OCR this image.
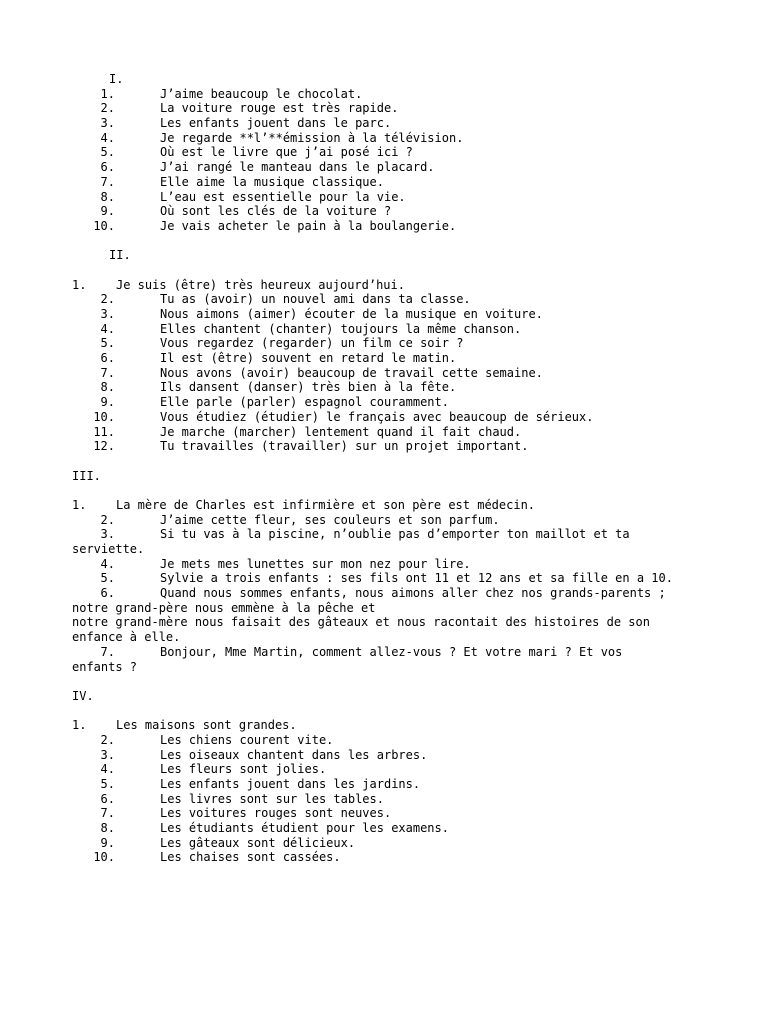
I.
1.	J’aime beaucoup le chocolat.
2.	La voiture rouge est très rapide.
3.	Les enfants jouent dans le parc.
4.	Je regarde **l’**émission à la télévision.
5.	Où est le livre que j’ai posé ici ?
6.	J’ai rangé le manteau dans le placard.
7.	Elle aime la musique classique.
8.	L’eau est essentielle pour la vie.
9.	Où sont les clés de la voiture ?
10.	Je vais acheter le pain à la boulangerie.
II.
1. Je suis (être) très heureux aujourd’hui.
2.	Tu as (avoir) un nouvel ami dans ta classe.
3.	Nous aimons (aimer) écouter de la musique en voiture.
4.	Elles chantent (chanter) toujours la même chanson.
5.	Vous regardez (regarder) un film ce soir ?
6.	Il est (être) souvent en retard le matin.
7.	Nous avons (avoir) beaucoup de travail cette semaine.
8.	Ils dansent (danser) très bien à la fête.
9.	Elle parle (parler) espagnol couramment.
10.	Vous étudiez (étudier) le français avec beaucoup de sérieux.
11.	Je marche (marcher) lentement quand il fait chaud.
12.	Tu travailles (travailler) sur un projet important.
III.
1. La mère de Charles est infirmière et son père est médecin.
2.	J’aime cette fleur, ses couleurs et son parfum.
3.	Si tu vas à la piscine, n’oublie pas d’emporter ton maillot et ta
serviette.
4.	Je mets mes lunettes sur mon nez pour lire.
5.	Sylvie a trois enfants : ses fils ont 11 et 12 ans et sa fille en a 10.
6.	Quand nous sommes enfants, nous aimons aller chez nos grands-parents ;
notre grand-père nous emmène à la pêche et
notre grand-mère nous faisait des gâteaux et nous racontait des histoires de son
enfance à elle.
7.	Bonjour, Mme Martin, comment allez-vous ? Et votre mari ? Et vos
enfants ?
IV.
1. Les maisons sont grandes.
2.	Les chiens courent vite.
3.	Les oiseaux chantent dans les arbres.
4.	Les fleurs sont jolies.
5.	Les enfants jouent dans les jardins.
6.	Les livres sont sur les tables.
7.	Les voitures rouges sont neuves.
8.	Les étudiants étudient pour les examens.
9.	Les gâteaux sont délicieux.
10.	Les chaises sont cassées.
